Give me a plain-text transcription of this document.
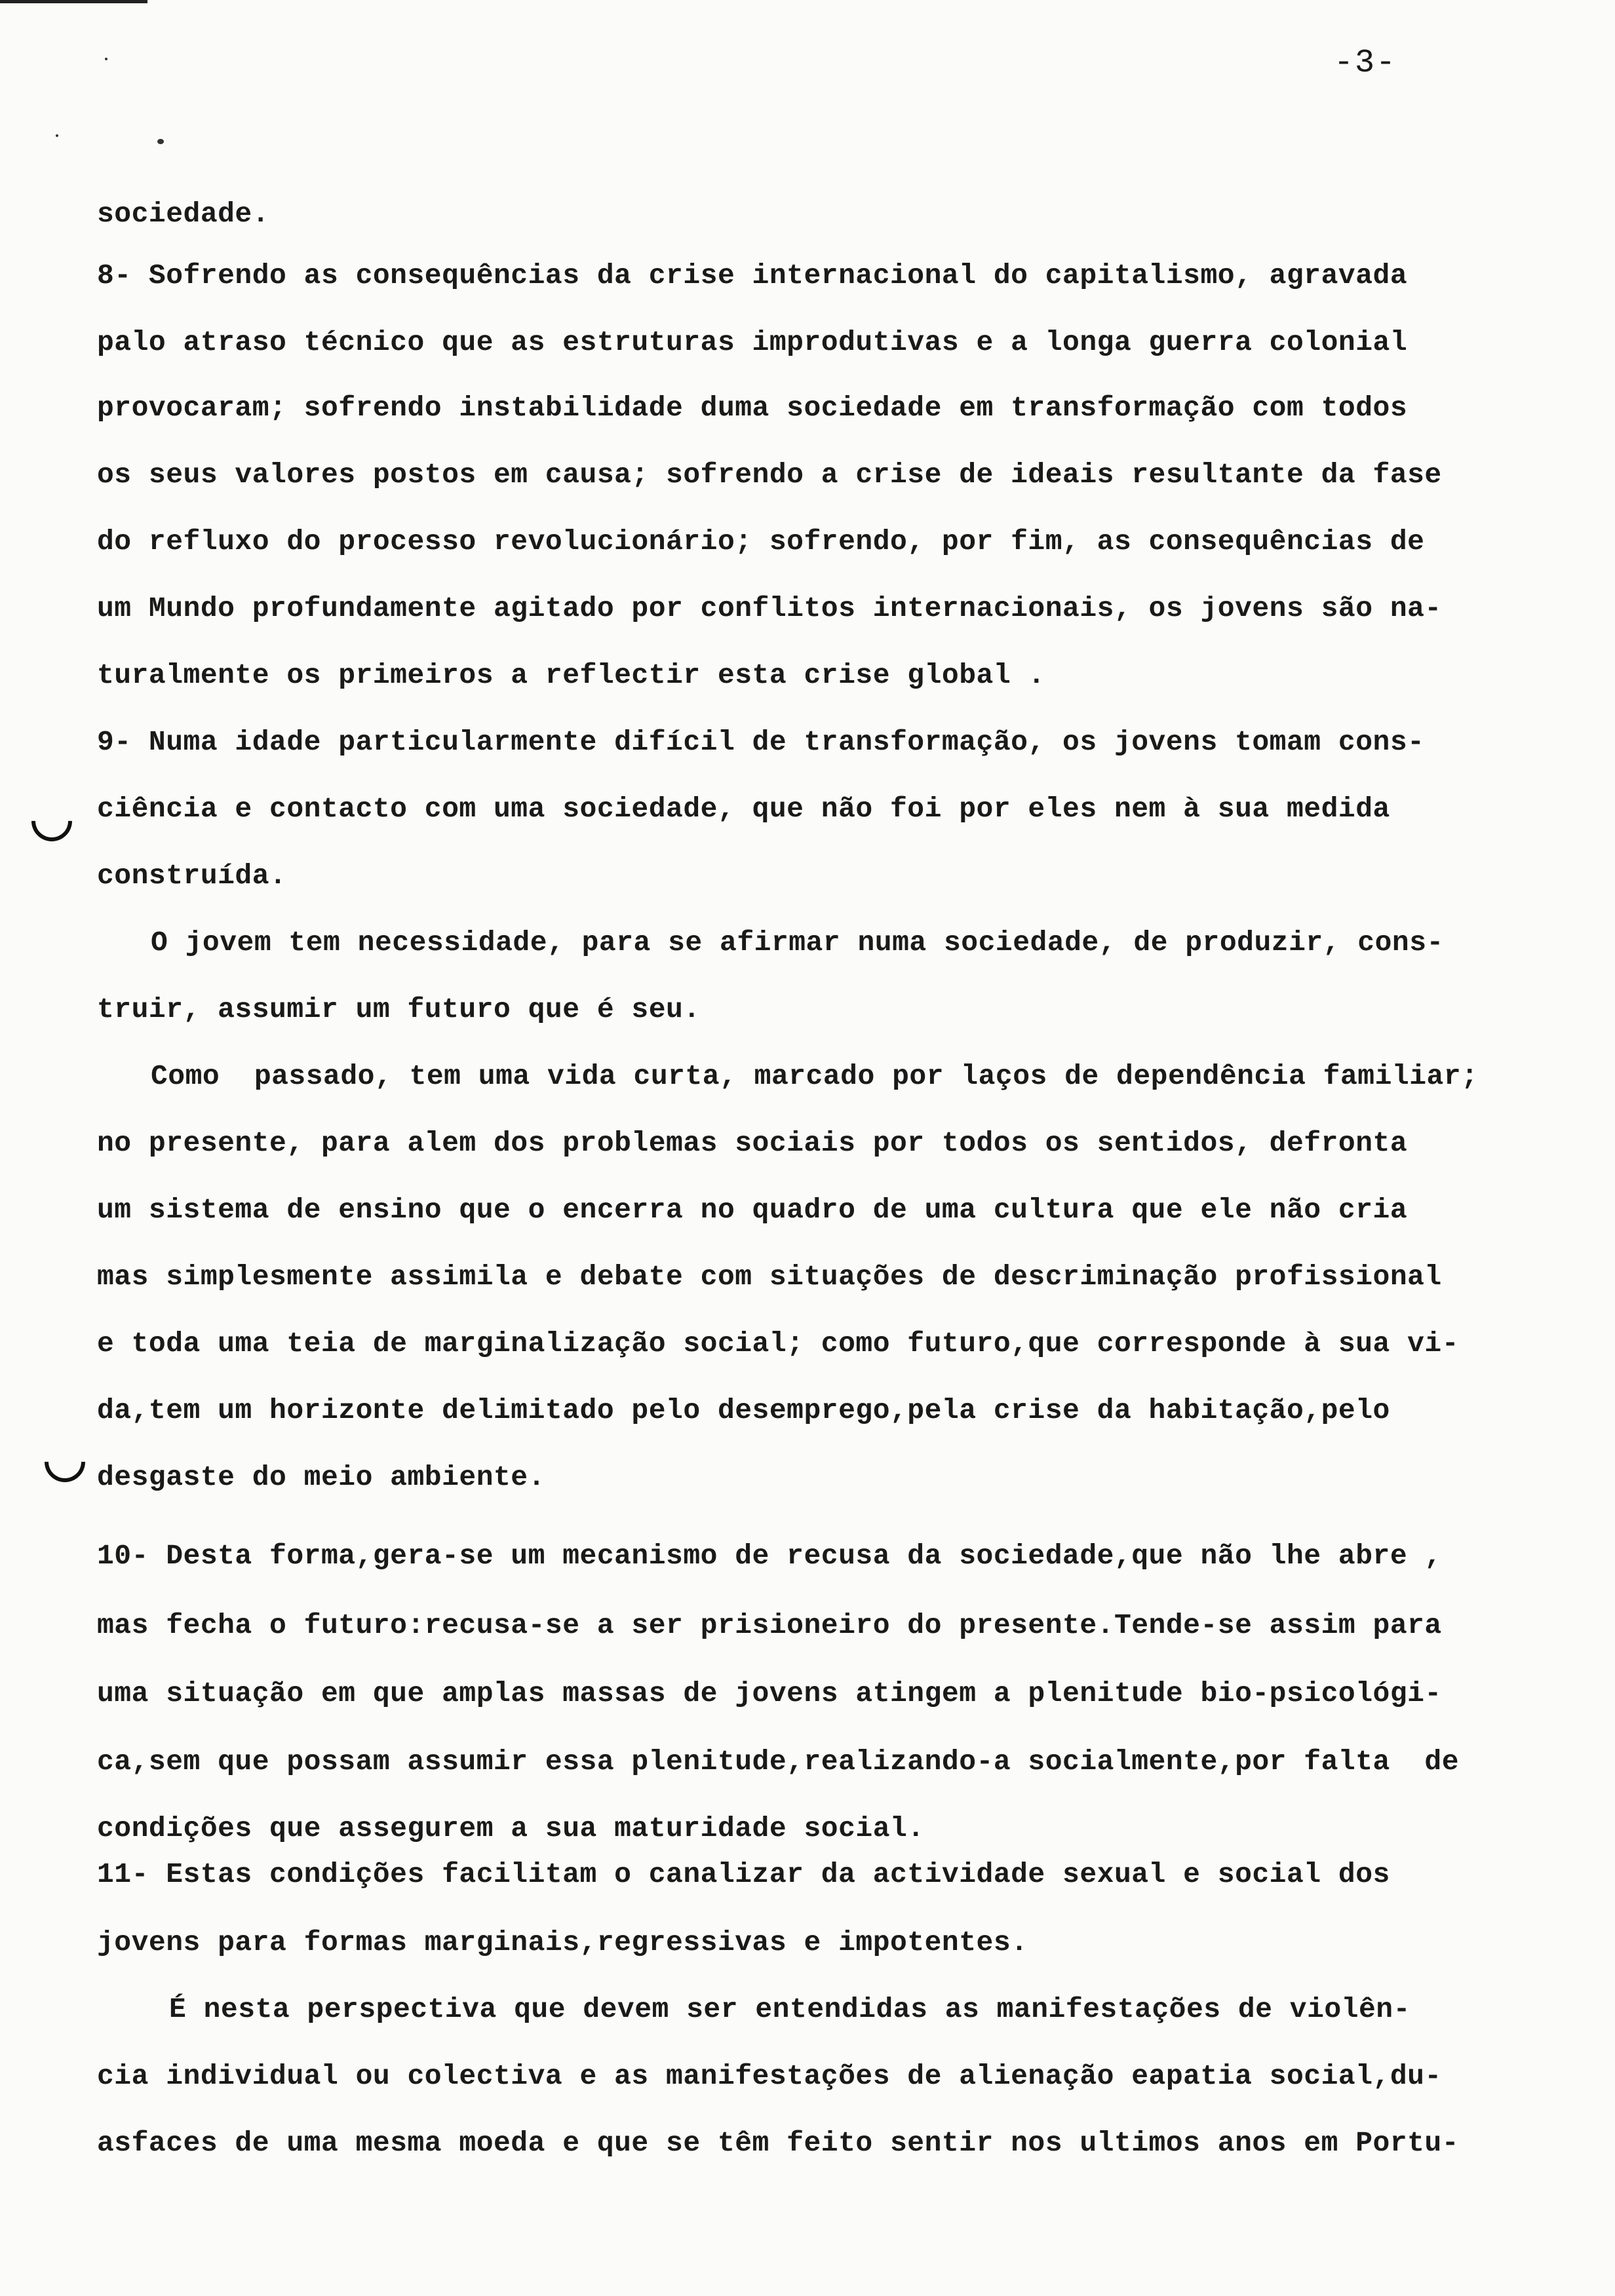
-3-
sociedade.
8- Sofrendo as consequências da crise internacional do capitalismo, agravada
palo atraso técnico que as estruturas improdutivas e a longa guerra colonial
provocaram; sofrendo instabilidade duma sociedade em transformação com todos
os seus valores postos em causa; sofrendo a crise de ideais resultante da fase
do refluxo do processo revolucionário; sofrendo, por fim, as consequências de
um Mundo profundamente agitado por conflitos internacionais, os jovens são na-
turalmente os primeiros a reflectir esta crise global .
9- Numa idade particularmente difícil de transformação, os jovens tomam cons-
ciência e contacto com uma sociedade, que não foi por eles nem à sua medida
construída.
O jovem tem necessidade, para se afirmar numa sociedade, de produzir, cons-
truir, assumir um futuro que é seu.
Como  passado, tem uma vida curta, marcado por laços de dependência familiar;
no presente, para alem dos problemas sociais por todos os sentidos, defronta
um sistema de ensino que o encerra no quadro de uma cultura que ele não cria
mas simplesmente assimila e debate com situações de descriminação profissional
e toda uma teia de marginalização social; como futuro,que corresponde à sua vi-
da,tem um horizonte delimitado pelo desemprego,pela crise da habitação,pelo
desgaste do meio ambiente.
10- Desta forma,gera-se um mecanismo de recusa da sociedade,que não lhe abre ,
mas fecha o futuro:recusa-se a ser prisioneiro do presente.Tende-se assim para
uma situação em que amplas massas de jovens atingem a plenitude bio-psicológi-
ca,sem que possam assumir essa plenitude,realizando-a socialmente,por falta  de
condições que assegurem a sua maturidade social.
11- Estas condições facilitam o canalizar da actividade sexual e social dos
jovens para formas marginais,regressivas e impotentes.
É nesta perspectiva que devem ser entendidas as manifestações de violên-
cia individual ou colectiva e as manifestações de alienação eapatia social,du-
asfaces de uma mesma moeda e que se têm feito sentir nos ultimos anos em Portu-
